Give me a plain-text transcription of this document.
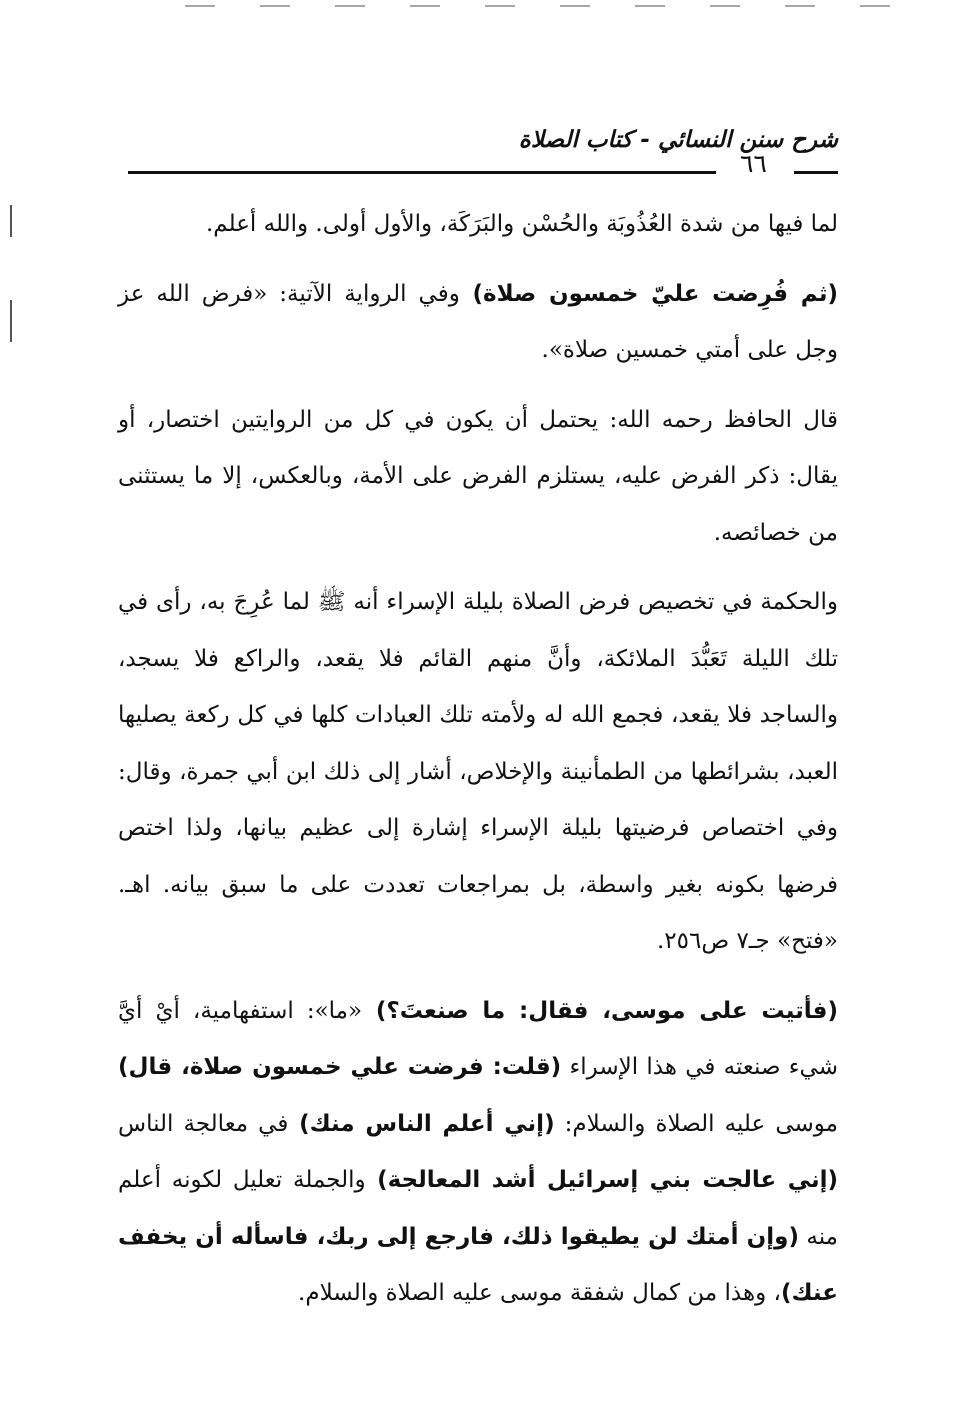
شرح سنن النسائي - كتاب الصلاة
٦٦

لما فيها من شدة العُذُوبَة والحُسْن والبَرَكَة، والأول أولى. والله أعلم.

(ثم فُرِضت عليّ خمسون صلاة) وفي الرواية الآتية: «فرض الله عز وجل على أمتي خمسين صلاة».

قال الحافظ رحمه الله: يحتمل أن يكون في كل من الروايتين اختصار، أو يقال: ذكر الفرض عليه، يستلزم الفرض على الأمة، وبالعكس، إلا ما يستثنى من خصائصه.

والحكمة في تخصيص فرض الصلاة بليلة الإسراء أنه ﷺ لما عُرِجَ به، رأى في تلك الليلة تَعَبُّدَ الملائكة، وأنَّ منهم القائم فلا يقعد، والراكع فلا يسجد، والساجد فلا يقعد، فجمع الله له ولأمته تلك العبادات كلها في كل ركعة يصليها العبد، بشرائطها من الطمأنينة والإخلاص، أشار إلى ذلك ابن أبي جمرة، وقال: وفي اختصاص فرضيتها بليلة الإسراء إشارة إلى عظيم بيانها، ولذا اختص فرضها بكونه بغير واسطة، بل بمراجعات تعددت على ما سبق بيانه. اهـ. «فتح» جـ٧ ص٢٥٦.

(فأتيت على موسى، فقال: ما صنعتَ؟) «ما»: استفهامية، أيْ أيَّ شيء صنعته في هذا الإسراء (قلت: فرضت علي خمسون صلاة، قال) موسى عليه الصلاة والسلام: (إني أعلم الناس منك) في معالجة الناس (إني عالجت بني إسرائيل أشد المعالجة) والجملة تعليل لكونه أعلم منه (وإن أمتك لن يطيقوا ذلك، فارجع إلى ربك، فاسأله أن يخفف عنك)، وهذا من كمال شفقة موسى عليه الصلاة والسلام.
